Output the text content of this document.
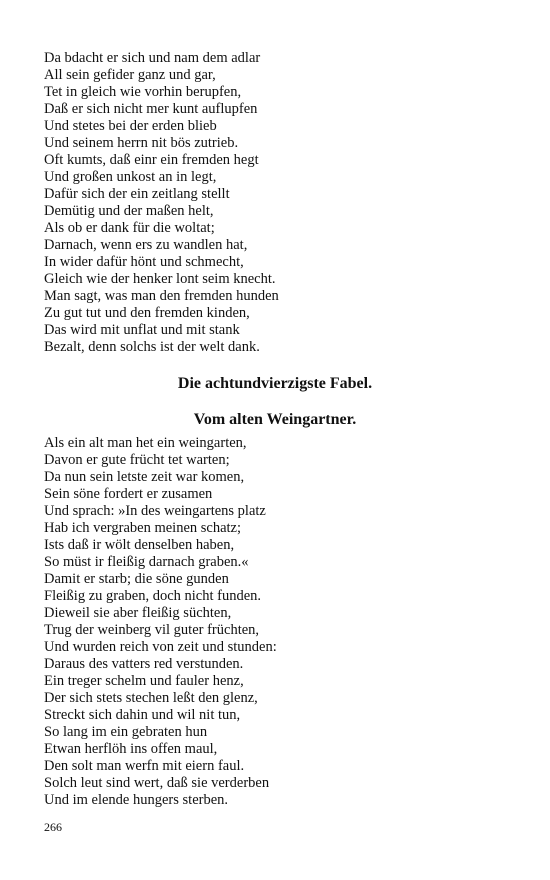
Da bdacht er sich und nam dem adlar
All sein gefider ganz und gar,
Tet in gleich wie vorhin berupfen,
Daß er sich nicht mer kunt auflupfen
Und stetes bei der erden blieb
Und seinem herrn nit bös zutrieb.
Oft kumts, daß einr ein fremden hegt
Und großen unkost an in legt,
Dafür sich der ein zeitlang stellt
Demütig und der maßen helt,
Als ob er dank für die woltat;
Darnach, wenn ers zu wandlen hat,
In wider dafür hönt und schmecht,
Gleich wie der henker lont seim knecht.
Man sagt, was man den fremden hunden
Zu gut tut und den fremden kinden,
Das wird mit unflat und mit stank
Bezalt, denn solchs ist der welt dank.
Die achtundvierzigste Fabel.
Vom alten Weingartner.
Als ein alt man het ein weingarten,
Davon er gute frücht tet warten;
Da nun sein letste zeit war komen,
Sein söne fordert er zusamen
Und sprach: »In des weingartens platz
Hab ich vergraben meinen schatz;
Ists daß ir wölt denselben haben,
So müst ir fleißig darnach graben.«
Damit er starb; die söne gunden
Fleißig zu graben, doch nicht funden.
Dieweil sie aber fleißig süchten,
Trug der weinberg vil guter früchten,
Und wurden reich von zeit und stunden:
Daraus des vatters red verstunden.
Ein treger schelm und fauler henz,
Der sich stets stechen leßt den glenz,
Streckt sich dahin und wil nit tun,
So lang im ein gebraten hun
Etwan herflöh ins offen maul,
Den solt man werfn mit eiern faul.
Solch leut sind wert, daß sie verderben
Und im elende hungers sterben.
266
